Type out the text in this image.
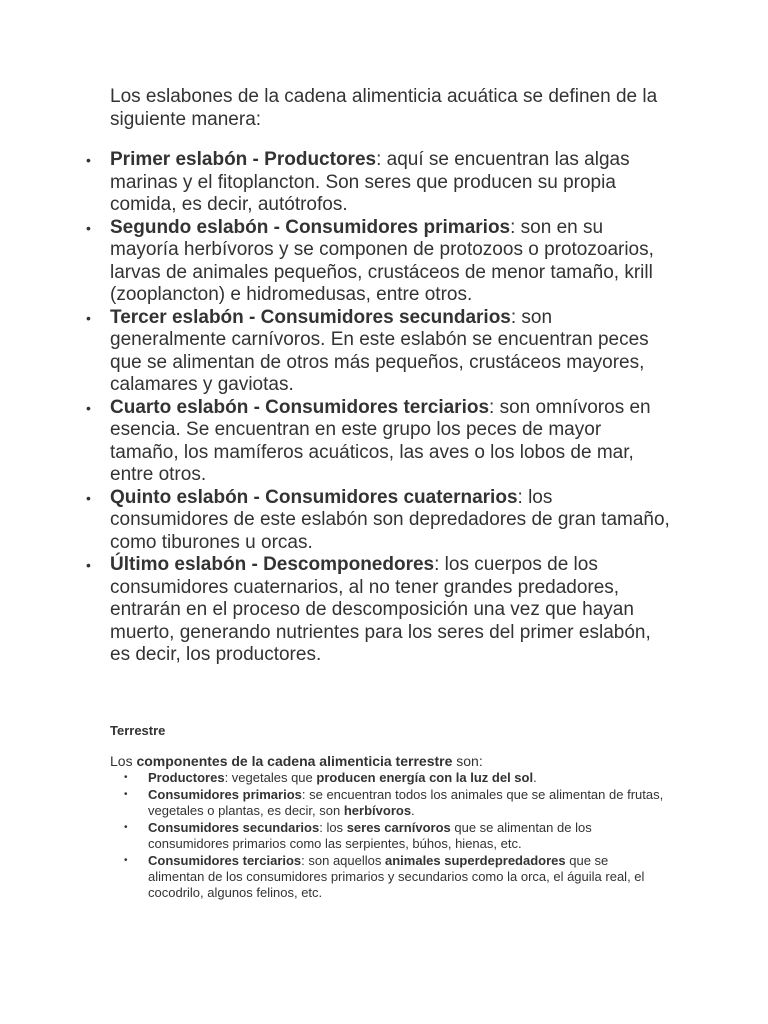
Los eslabones de la cadena alimenticia acuática se definen de la siguiente manera:

• Primer eslabón - Productores: aquí se encuentran las algas marinas y el fitoplancton. Son seres que producen su propia comida, es decir, autótrofos.
• Segundo eslabón - Consumidores primarios: son en su mayoría herbívoros y se componen de protozoos o protozoarios, larvas de animales pequeños, crustáceos de menor tamaño, krill (zooplancton) e hidromedusas, entre otros.
• Tercer eslabón - Consumidores secundarios: son generalmente carnívoros. En este eslabón se encuentran peces que se alimentan de otros más pequeños, crustáceos mayores, calamares y gaviotas.
• Cuarto eslabón - Consumidores terciarios: son omnívoros en esencia. Se encuentran en este grupo los peces de mayor tamaño, los mamíferos acuáticos, las aves o los lobos de mar, entre otros.
• Quinto eslabón - Consumidores cuaternarios: los consumidores de este eslabón son depredadores de gran tamaño, como tiburones u orcas.
• Último eslabón - Descomponedores: los cuerpos de los consumidores cuaternarios, al no tener grandes predadores, entrarán en el proceso de descomposición una vez que hayan muerto, generando nutrientes para los seres del primer eslabón, es decir, los productores.
Terrestre

Los componentes de la cadena alimenticia terrestre son:

• Productores: vegetales que producen energía con la luz del sol.
• Consumidores primarios: se encuentran todos los animales que se alimentan de frutas, vegetales o plantas, es decir, son herbívoros.
• Consumidores secundarios: los seres carnívoros que se alimentan de los consumidores primarios como las serpientes, búhos, hienas, etc.
• Consumidores terciarios: son aquellos animales superdepredadores que se alimentan de los consumidores primarios y secundarios como la orca, el águila real, el cocodrilo, algunos felinos, etc.
